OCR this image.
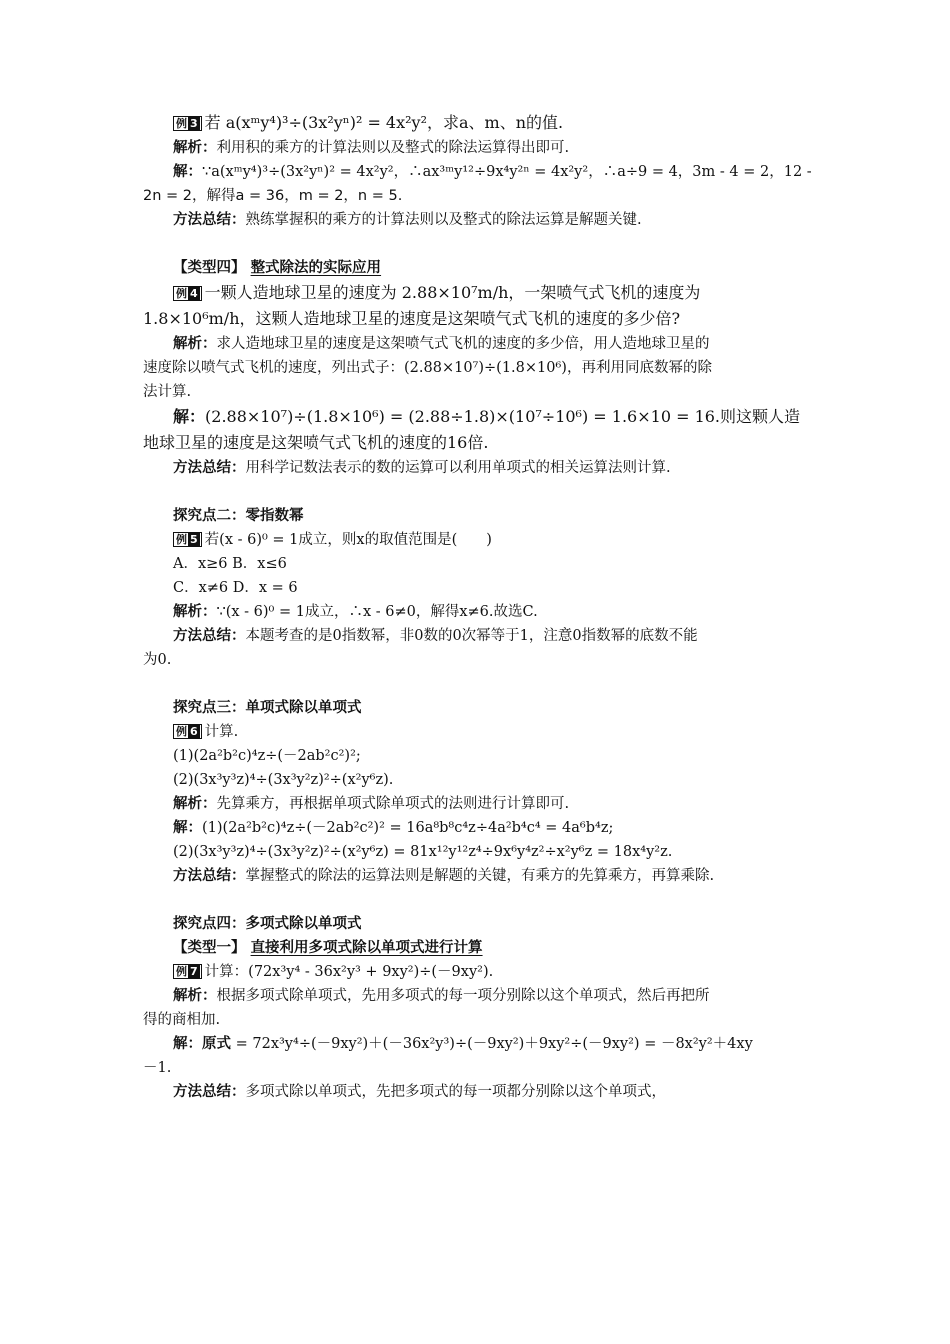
例 3 若 a(xᵐy⁴)³÷(3x²yⁿ)² = 4x²y²，求a、m、n的值.

解析：利用积的乘方的计算法则以及整式的除法运算得出即可.

解：∵a(xᵐy⁴)³÷(3x²yⁿ)² = 4x²y²，∴ax³ᵐy¹²÷9x⁴y²ⁿ = 4x²y²，∴a÷9 = 4，3m - 4 = 2，12 -

2n = 2，解得a = 36，m = 2，n = 5.

方法总结：熟练掌握积的乘方的计算法则以及整式的除法运算是解题关键.

【类型四】 整式除法的实际应用

例 4 一颗人造地球卫星的速度为 2.88×10⁷m/h，一架喷气式飞机的速度为

1.8×10⁶m/h，这颗人造地球卫星的速度是这架喷气式飞机的速度的多少倍?

解析：求人造地球卫星的速度是这架喷气式飞机的速度的多少倍，用人造地球卫星的

速度除以喷气式飞机的速度，列出式子：(2.88×10⁷)÷(1.8×10⁶)，再利用同底数幂的除

法计算.

解：(2.88×10⁷)÷(1.8×10⁶) = (2.88÷1.8)×(10⁷÷10⁶) = 1.6×10 = 16.则这颗人造

地球卫星的速度是这架喷气式飞机的速度的16倍.

方法总结：用科学记数法表示的数的运算可以利用单项式的相关运算法则计算.

探究点二：零指数幂

例 5 若(x - 6)⁰ = 1成立，则x的取值范围是(　　)

A．x≥6 B．x≤6

C．x≠6 D．x = 6

解析：∵(x - 6)⁰ = 1成立，∴x - 6≠0，解得x≠6.故选C.

方法总结：本题考查的是0指数幂，非0数的0次幂等于1，注意0指数幂的底数不能

为0.

探究点三：单项式除以单项式

例 6 计算.

(1)(2a²b²c)⁴z÷(－2ab²c²)²;

(2)(3x³y³z)⁴÷(3x³y²z)²÷(x²y⁶z).

解析：先算乘方，再根据单项式除单项式的法则进行计算即可.

解：(1)(2a²b²c)⁴z÷(－2ab²c²)² = 16a⁸b⁸c⁴z÷4a²b⁴c⁴ = 4a⁶b⁴z;

(2)(3x³y³z)⁴÷(3x³y²z)²÷(x²y⁶z) = 81x¹²y¹²z⁴÷9x⁶y⁴z²÷x²y⁶z = 18x⁴y²z.

方法总结：掌握整式的除法的运算法则是解题的关键，有乘方的先算乘方，再算乘除.

探究点四：多项式除以单项式

【类型一】 直接利用多项式除以单项式进行计算

例 7 计算：(72x³y⁴ - 36x²y³ + 9xy²)÷(－9xy²).

解析：根据多项式除单项式，先用多项式的每一项分别除以这个单项式，然后再把所

得的商相加.

解：原式 = 72x³y⁴÷(－9xy²)＋(－36x²y³)÷(－9xy²)＋9xy²÷(－9xy²) = －8x²y²＋4xy

－1.

方法总结：多项式除以单项式，先把多项式的每一项都分别除以这个单项式，
